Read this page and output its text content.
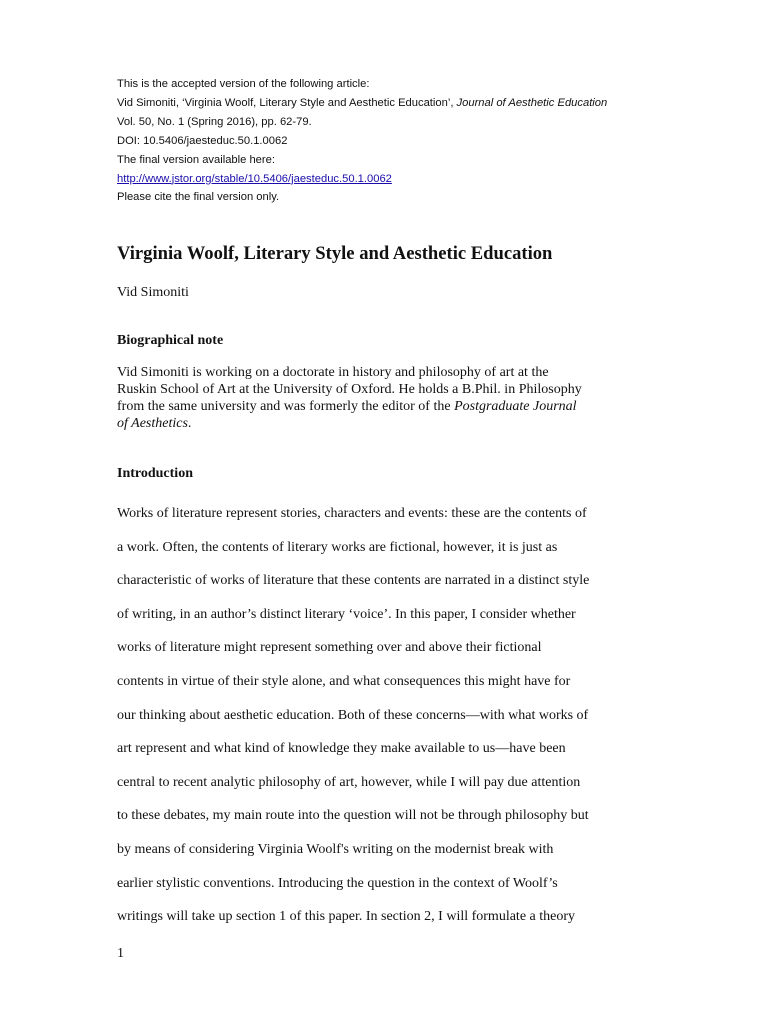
This is the accepted version of the following article:
Vid Simoniti, ‘Virginia Woolf, Literary Style and Aesthetic Education’, Journal of Aesthetic Education
Vol. 50, No. 1 (Spring 2016), pp. 62-79.
DOI: 10.5406/jaesteduc.50.1.0062
The final version available here:
http://www.jstor.org/stable/10.5406/jaesteduc.50.1.0062
Please cite the final version only.
Virginia Woolf, Literary Style and Aesthetic Education
Vid Simoniti
Biographical note
Vid Simoniti is working on a doctorate in history and philosophy of art at the
Ruskin School of Art at the University of Oxford. He holds a B.Phil. in Philosophy
from the same university and was formerly the editor of the Postgraduate Journal
of Aesthetics.
Introduction
Works of literature represent stories, characters and events: these are the contents of
a work. Often, the contents of literary works are fictional, however, it is just as
characteristic of works of literature that these contents are narrated in a distinct style
of writing, in an author’s distinct literary ‘voice’. In this paper, I consider whether
works of literature might represent something over and above their fictional
contents in virtue of their style alone, and what consequences this might have for
our thinking about aesthetic education. Both of these concerns—with what works of
art represent and what kind of knowledge they make available to us—have been
central to recent analytic philosophy of art, however, while I will pay due attention
to these debates, my main route into the question will not be through philosophy but
by means of considering Virginia Woolf's writing on the modernist break with
earlier stylistic conventions. Introducing the question in the context of Woolf’s
writings will take up section 1 of this paper. In section 2, I will formulate a theory
1
